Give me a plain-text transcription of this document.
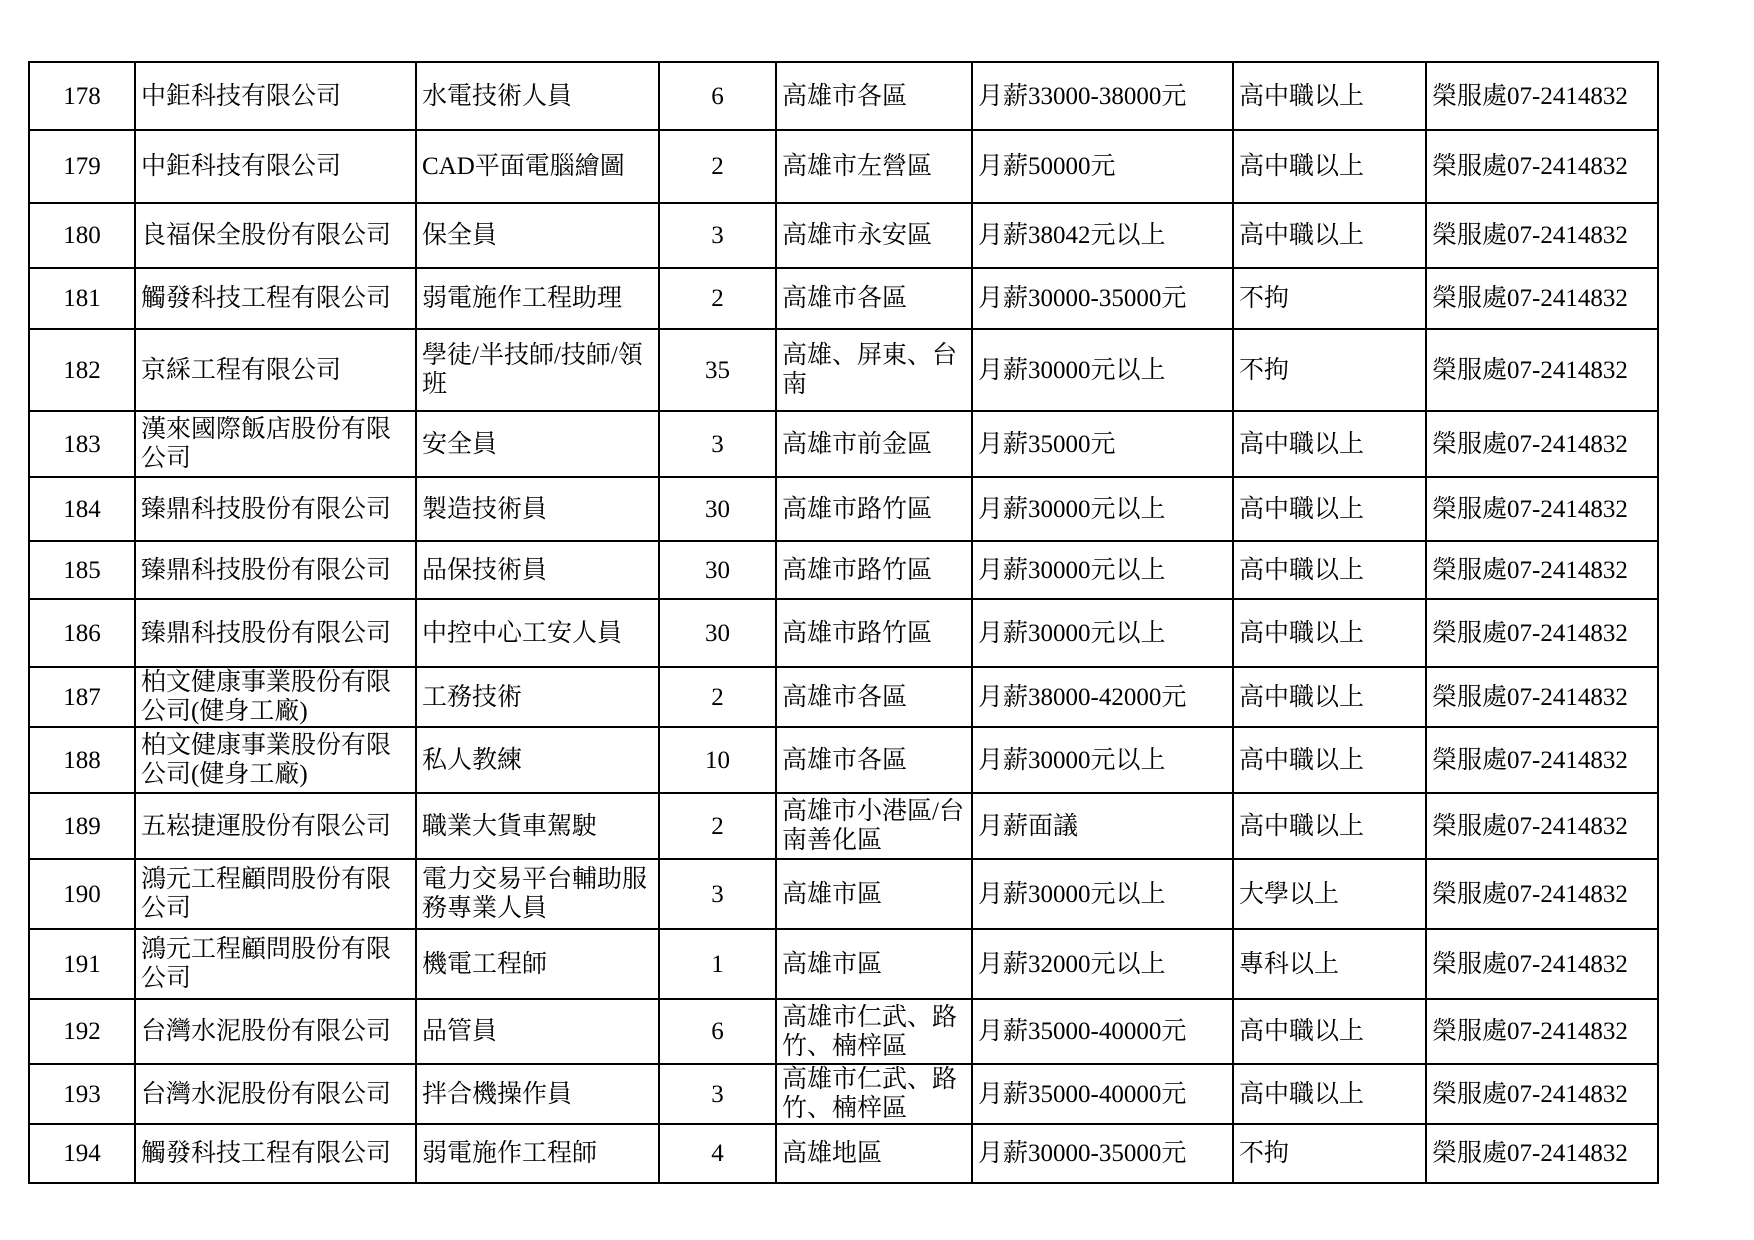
178	中鉅科技有限公司	水電技術人員	6	高雄市各區	月薪33000-38000元	高中職以上	榮服處07-2414832
179	中鉅科技有限公司	CAD平面電腦繪圖	2	高雄市左營區	月薪50000元	高中職以上	榮服處07-2414832
180	良福保全股份有限公司	保全員	3	高雄市永安區	月薪38042元以上	高中職以上	榮服處07-2414832
181	觸發科技工程有限公司	弱電施作工程助理	2	高雄市各區	月薪30000-35000元	不拘	榮服處07-2414832
182	京綵工程有限公司	學徒/半技師/技師/領班	35	高雄、屏東、台南	月薪30000元以上	不拘	榮服處07-2414832
183	漢來國際飯店股份有限公司	安全員	3	高雄市前金區	月薪35000元	高中職以上	榮服處07-2414832
184	臻鼎科技股份有限公司	製造技術員	30	高雄市路竹區	月薪30000元以上	高中職以上	榮服處07-2414832
185	臻鼎科技股份有限公司	品保技術員	30	高雄市路竹區	月薪30000元以上	高中職以上	榮服處07-2414832
186	臻鼎科技股份有限公司	中控中心工安人員	30	高雄市路竹區	月薪30000元以上	高中職以上	榮服處07-2414832
187	柏文健康事業股份有限公司(健身工廠)	工務技術	2	高雄市各區	月薪38000-42000元	高中職以上	榮服處07-2414832
188	柏文健康事業股份有限公司(健身工廠)	私人教練	10	高雄市各區	月薪30000元以上	高中職以上	榮服處07-2414832
189	五崧捷運股份有限公司	職業大貨車駕駛	2	高雄市小港區/台南善化區	月薪面議	高中職以上	榮服處07-2414832
190	鴻元工程顧問股份有限公司	電力交易平台輔助服務專業人員	3	高雄市區	月薪30000元以上	大學以上	榮服處07-2414832
191	鴻元工程顧問股份有限公司	機電工程師	1	高雄市區	月薪32000元以上	專科以上	榮服處07-2414832
192	台灣水泥股份有限公司	品管員	6	高雄市仁武、路竹、楠梓區	月薪35000-40000元	高中職以上	榮服處07-2414832
193	台灣水泥股份有限公司	拌合機操作員	3	高雄市仁武、路竹、楠梓區	月薪35000-40000元	高中職以上	榮服處07-2414832
194	觸發科技工程有限公司	弱電施作工程師	4	高雄地區	月薪30000-35000元	不拘	榮服處07-2414832
